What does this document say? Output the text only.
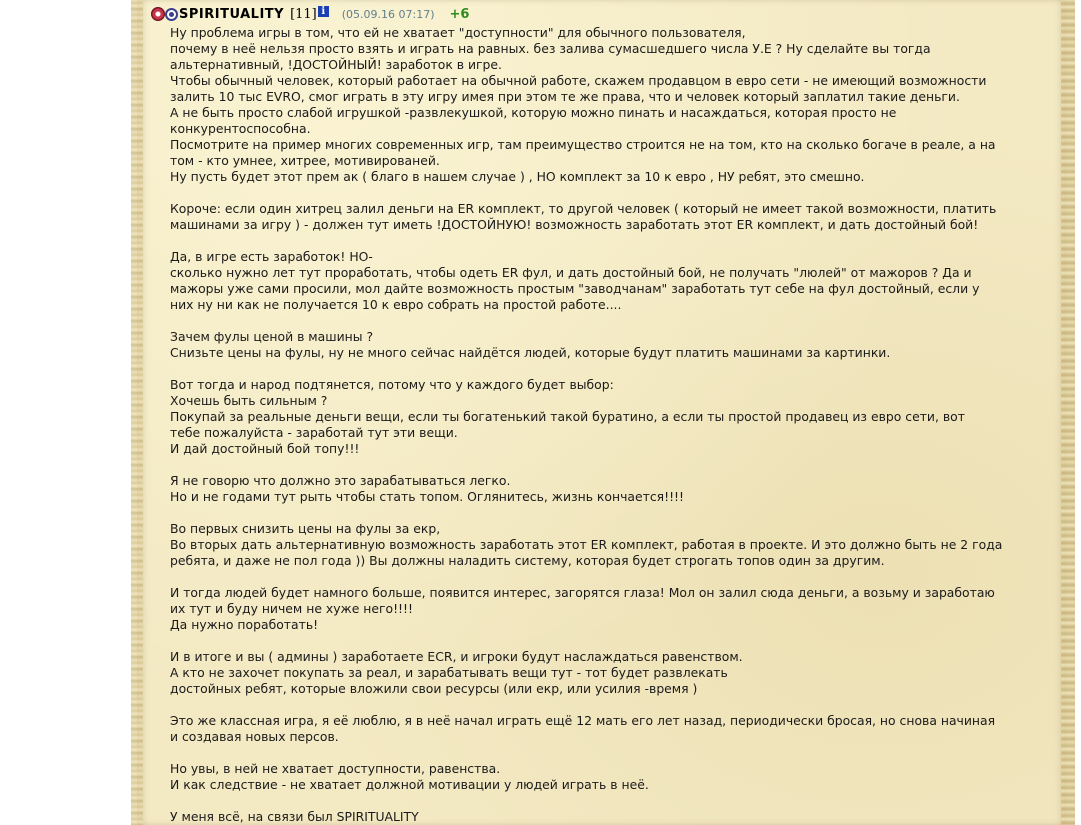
SPIRITUALITY [11] i	(05.09.16 07:17) +6
Ну проблема игры в том, что ей не хватает "доступности" для обычного пользователя,
почему в неё нельзя просто взять и играть на равных. без залива сумасшедшего числа У.Е ? Ну сделайте вы тогда
альтернативный, !ДОСТОЙНЫЙ! заработок в игре.
Чтобы обычный человек, который работает на обычной работе, скажем продавцом в евро сети - не имеющий возможности
залить 10 тыс EVRO, смог играть в эту игру имея при этом те же права, что и человек который заплатил такие деньги.
А не быть просто слабой игрушкой -развлекушкой, которую можно пинать и насаждаться, которая просто не
конкурентоспособна.
Посмотрите на пример многих современных игр, там преимущество строится не на том, кто на сколько богаче в реале, а на
том - кто умнее, хитрее, мотивированей.
Ну пусть будет этот прем ак ( благо в нашем случае ) , НО комплект за 10 к евро , НУ ребят, это смешно.
Короче: если один хитрец залил деньги на ER комплект, то другой человек ( который не имеет такой возможности, платить
машинами за игру ) - должен тут иметь !ДОСТОЙНУЮ! возможность заработать этот ER комплект, и дать достойный бой!
Да, в игре есть заработок! НО-
сколько нужно лет тут проработать, чтобы одеть ER фул, и дать достойный бой, не получать "люлей" от мажоров ? Да и
мажоры уже сами просили, мол дайте возможность простым "заводчанам" заработать тут себе на фул достойный, если у
них ну ни как не получается 10 к евро собрать на простой работе....
Зачем фулы ценой в машины ?
Снизьте цены на фулы, ну не много сейчас найдётся людей, которые будут платить машинами за картинки.
Вот тогда и народ подтянется, потому что у каждого будет выбор:
Хочешь быть сильным ?
Покупай за реальные деньги вещи, если ты богатенький такой буратино, а если ты простой продавец из евро сети, вот
тебе пожалуйста - заработай тут эти вещи.
И дай достойный бой топу!!!
Я не говорю что должно это зарабатываться легко.
Но и не годами тут рыть чтобы стать топом. Оглянитесь, жизнь кончается!!!!
Во первых снизить цены на фулы за екр,
Во вторых дать альтернативную возможность заработать этот ER комплект, работая в проекте. И это должно быть не 2 года
ребята, и даже не пол года )) Вы должны наладить систему, которая будет строгать топов один за другим.
И тогда людей будет намного больше, появится интерес, загорятся глаза! Мол он залил сюда деньги, а возьму и заработаю
их тут и буду ничем не хуже него!!!!
Да нужно поработать!
И в итоге и вы ( админы ) заработаете ECR, и игроки будут наслаждаться равенством.
А кто не захочет покупать за реал, и зарабатывать вещи тут - тот будет развлекать
достойных ребят, которые вложили свои ресурсы (или екр, или усилия -время )
Это же классная игра, я её люблю, я в неё начал играть ещё 12 мать его лет назад, периодически бросая, но снова начиная
и создавая новых персов.
Но увы, в ней не хватает доступности, равенства.
И как следствие - не хватает должной мотивации у людей играть в неё.
У меня всё, на связи был SPIRITUALITY
